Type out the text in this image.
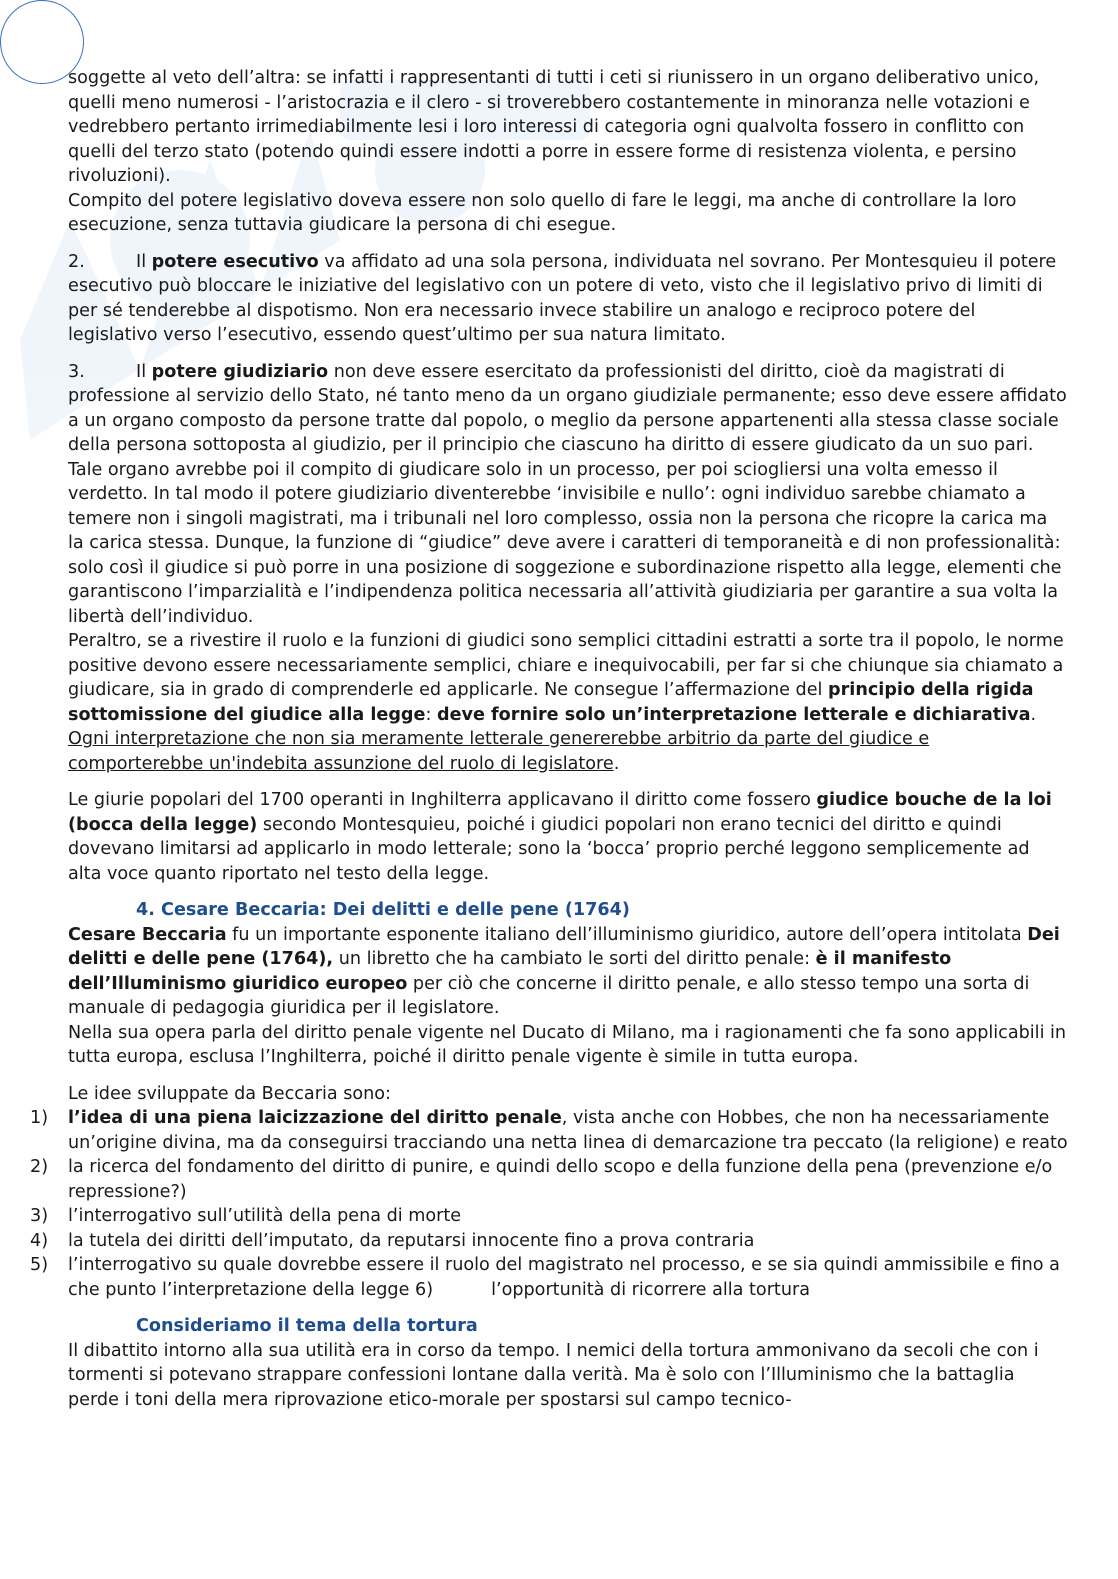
soggette al veto dell’altra: se infatti i rappresentanti di tutti i ceti si riunissero in un organo deliberativo unico, quelli meno numerosi - l’aristocrazia e il clero - si troverebbero costantemente in minoranza nelle votazioni e vedrebbero pertanto irrimediabilmente lesi i loro interessi di categoria ogni qualvolta fossero in conflitto con quelli del terzo stato (potendo quindi essere indotti a porre in essere forme di resistenza violenta, e persino rivoluzioni).

Compito del potere legislativo doveva essere non solo quello di fare le leggi, ma anche di controllare la loro esecuzione, senza tuttavia giudicare la persona di chi esegue.

2.	Il potere esecutivo va affidato ad una sola persona, individuata nel sovrano. Per Montesquieu il potere esecutivo può bloccare le iniziative del legislativo con un potere di veto, visto che il legislativo privo di limiti di per sé tenderebbe al dispotismo. Non era necessario invece stabilire un analogo e reciproco potere del legislativo verso l’esecutivo, essendo quest’ultimo per sua natura limitato.

3.	Il potere giudiziario non deve essere esercitato da professionisti del diritto, cioè da magistrati di professione al servizio dello Stato, né tanto meno da un organo giudiziale permanente; esso deve essere affidato a un organo composto da persone tratte dal popolo, o meglio da persone appartenenti alla stessa classe sociale della persona sottoposta al giudizio, per il principio che ciascuno ha diritto di essere giudicato da un suo pari.

Tale organo avrebbe poi il compito di giudicare solo in un processo, per poi sciogliersi una volta emesso il verdetto. In tal modo il potere giudiziario diventerebbe ‘invisibile e nullo’: ogni individuo sarebbe chiamato a temere non i singoli magistrati, ma i tribunali nel loro complesso, ossia non la persona che ricopre la carica ma la carica stessa. Dunque, la funzione di “giudice” deve avere i caratteri di temporaneità e di non professionalità: solo così il giudice si può porre in una posizione di soggezione e subordinazione rispetto alla legge, elementi che garantiscono l’imparzialità e l’indipendenza politica necessaria all’attività giudiziaria per garantire a sua volta la libertà dell’individuo.

Peraltro, se a rivestire il ruolo e la funzioni di giudici sono semplici cittadini estratti a sorte tra il popolo, le norme positive devono essere necessariamente semplici, chiare e inequivocabili, per far si che chiunque sia chiamato a giudicare, sia in grado di comprenderle ed applicarle. Ne consegue l’affermazione del principio della rigida sottomissione del giudice alla legge: deve fornire solo un’interpretazione letterale e dichiarativa. Ogni interpretazione che non sia meramente letterale genererebbe arbitrio da parte del giudice e comporterebbe un'indebita assunzione del ruolo di legislatore.

Le giurie popolari del 1700 operanti in Inghilterra applicavano il diritto come fossero giudice bouche de la loi (bocca della legge) secondo Montesquieu, poiché i giudici popolari non erano tecnici del diritto e quindi dovevano limitarsi ad applicarlo in modo letterale; sono la ‘bocca’ proprio perché leggono semplicemente ad alta voce quanto riportato nel testo della legge.

4. Cesare Beccaria: Dei delitti e delle pene (1764)

Cesare Beccaria fu un importante esponente italiano dell’illuminismo giuridico, autore dell’opera intitolata Dei delitti e delle pene (1764), un libretto che ha cambiato le sorti del diritto penale: è il manifesto dell’Illuminismo giuridico europeo per ciò che concerne il diritto penale, e allo stesso tempo una sorta di manuale di pedagogia giuridica per il legislatore.

Nella sua opera parla del diritto penale vigente nel Ducato di Milano, ma i ragionamenti che fa sono applicabili in tutta europa, esclusa l’Inghilterra, poiché il diritto penale vigente è simile in tutta europa.

Le idee sviluppate da Beccaria sono:

1) l’idea di una piena laicizzazione del diritto penale, vista anche con Hobbes, che non ha necessariamente un’origine divina, ma da conseguirsi tracciando una netta linea di demarcazione tra peccato (la religione) e reato
2) la ricerca del fondamento del diritto di punire, e quindi dello scopo e della funzione della pena (prevenzione e/o repressione?)
3) l’interrogativo sull’utilità della pena di morte
4) la tutela dei diritti dell’imputato, da reputarsi innocente fino a prova contraria
5) l’interrogativo su quale dovrebbe essere il ruolo del magistrato nel processo, e se sia quindi ammissibile e fino a che punto l’interpretazione della legge 6)	l’opportunità di ricorrere alla tortura

Consideriamo il tema della tortura

Il dibattito intorno alla sua utilità era in corso da tempo. I nemici della tortura ammonivano da secoli che con i tormenti si potevano strappare confessioni lontane dalla verità. Ma è solo con l’Illuminismo che la battaglia perde i toni della mera riprovazione etico-morale per spostarsi sul campo tecnico-
